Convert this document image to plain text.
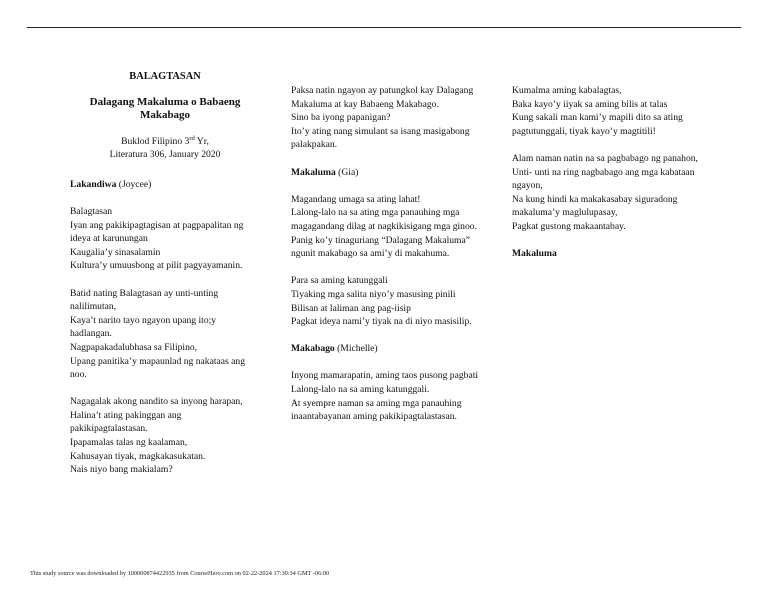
BALAGTASAN
Dalagang Makaluma o Babaeng Makabago
Buklod Filipino 3rd Yr,
Literatura 306, January 2020
Lakandiwa (Joycee)
Balagtasan
Iyan ang pakikipagtagisan at pagpapalitan ng ideya at karunungan
Kaugalia’y sinasalamin
Kultura’y umuusbong at pilit pagyayamanin.
Batid nating Balagtasan ay unti-unting nalilimutan,
Kaya’t narito tayo ngayon upang ito;y hadlangan.
Nagpapakadalubhasa sa Filipino,
Upang panitika’y mapaunlad ng nakataas ang noo.
Nagagalak akong nandito sa inyong harapan,
Halina’t ating pakinggan ang pakikipagtalastasan.
Ipapamalas talas ng kaalaman,
Kahusayan tiyak, magkakasukatan.
Nais niyo bang makialam?
Paksa natin ngayon ay patungkol kay Dalagang Makaluma at kay Babaeng Makabago.
Sino ba iyong papanigan?
Ito’y ating nang simulant sa isang masigabong palakpakan.
Makaluma (Gia)
Magandang umaga sa ating lahat!
Lalong-lalo na sa ating mga panauhing mga magagandang dilag at nagkikisigang mga ginoo.
Panig ko’y tinaguriang “Dalagang Makaluma” ngunit makabago sa ami’y di makahuma.
Para sa aming katunggali
Tiyaking mga salita niyo’y masusing pinili
Bilisan at laliman ang pag-iisip
Pagkat ideya nami’y tiyak na di niyo masisilip.
Makabago (Michelle)
Inyong mamarapatin, aming taos pusong pagbati
Lalong-lalo na sa aming katunggali.
At syempre naman sa aming mga panauhing inaantabayanan aming pakikipagtalastasan.
Kumalma aming kabalagtas,
Baka kayo’y iiyak sa aming bilis at talas
Kung sakali man kami’y mapili dito sa ating pagtutunggali, tiyak kayo’y magtitili!
Alam naman natin na sa pagbabago ng panahon,
Unti- unti na ring nagbabago ang mga kabataan ngayon,
Na kung hindi ka makakasabay siguradong makaluma’y maglulupasay,
Pagkat gustong makaantabay.
Makaluma
This study source was downloaded by 100000874422935 from CourseHero.com on 02-22-2024 17:30:34 GMT -06:00
